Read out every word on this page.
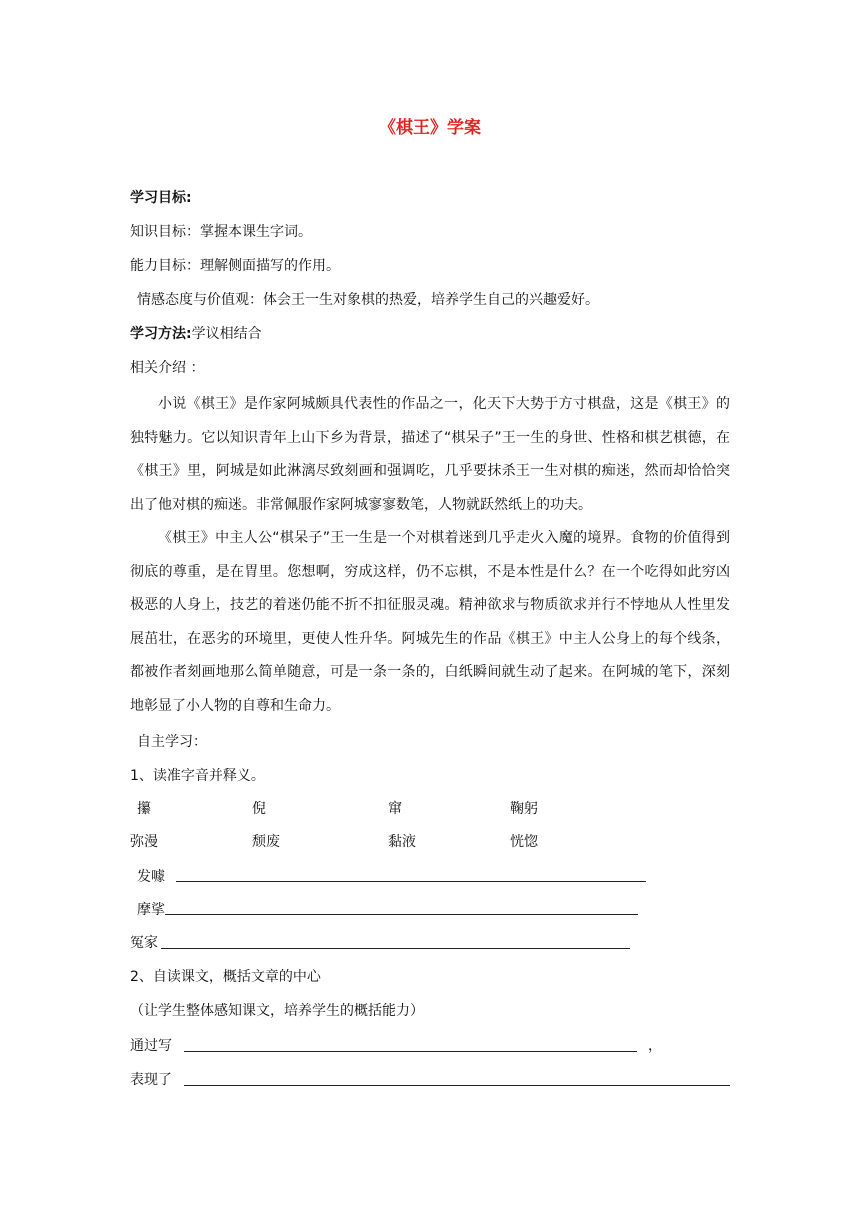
《棋王》学案
学习目标:
知识目标：掌握本课生字词。
能力目标：理解侧面描写的作用。
情感态度与价值观：体会王一生对象棋的热爱，培养学生自己的兴趣爱好。
学习方法:学议相结合
相关介绍 ：

小说《棋王》是作家阿城颇具代表性的作品之一，化天下大势于方寸棋盘，这是《棋王》的独特魅力。它以知识青年上山下乡为背景，描述了“棋呆子”王一生的身世、性格和棋艺棋德，在《棋王》里，阿城是如此淋漓尽致刻画和强调吃，几乎要抹杀王一生对棋的痴迷，然而却恰恰突出了他对棋的痴迷。非常佩服作家阿城寥寥数笔，人物就跃然纸上的功夫。

《棋王》中主人公“棋呆子”王一生是一个对棋着迷到几乎走火入魔的境界。食物的价值得到彻底的尊重，是在胃里。您想啊，穷成这样，仍不忘棋，不是本性是什么？在一个吃得如此穷凶极恶的人身上，技艺的着迷仍能不折不扣征服灵魂。精神欲求与物质欲求并行不悖地从人性里发展茁壮，在恶劣的环境里，更使人性升华。阿城先生的作品《棋王》中主人公身上的每个线条，都被作者刻画地那么简单随意，可是一条一条的，白纸瞬间就生动了起来。在阿城的笔下，深刻地彰显了小人物的自尊和生命力。

自主学习：
1、读准字音并释义。
攥	倪	窜	鞠躬
弥漫	颓废	黏液	恍惚
发噱
摩挲
冤家
2、自读课文，概括文章的中心
（让学生整体感知课文，培养学生的概括能力）
通过写	，
表现了
